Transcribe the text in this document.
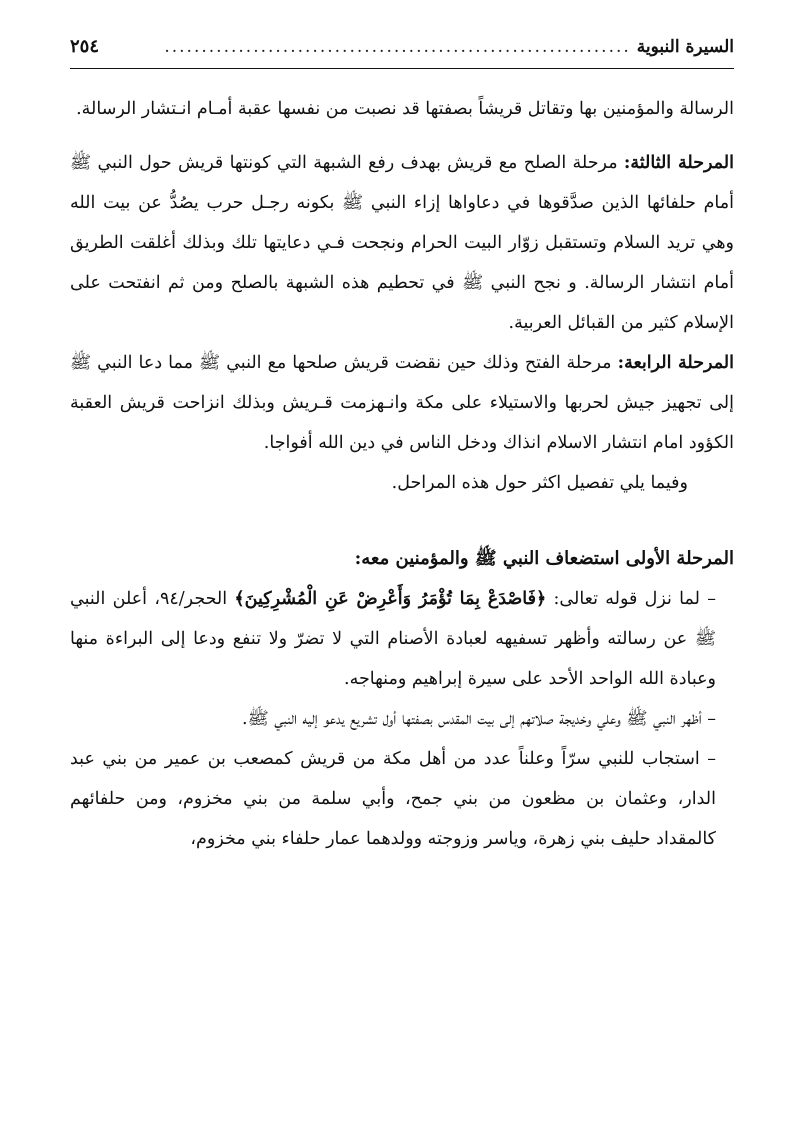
السيرة النبوية
...............................................................
٢٥٤

الرسالة والمؤمنين بها وتقاتل قريشاً بصفتها قد نصبت من نفسها عقبة أمـام انـتشار الرسالة.

المرحلة الثالثة: مرحلة الصلح مع قريش بهدف رفع الشبهة التي كونتها قريش حول النبي ﷺ أمام حلفائها الذين صدَّقوها في دعاواها إزاء النبي ﷺ بكونه رجـل حرب يصُدُّ عن بيت الله وهي تريد السلام وتستقبل زوّار البيت الحرام ونجحت فـي دعايتها تلك وبذلك أغلقت الطريق أمام انتشار الرسالة. و نجح النبي ﷺ في تحطيم هذه الشبهة بالصلح ومن ثم انفتحت على الإسلام كثير من القبائل العربية.

المرحلة الرابعة: مرحلة الفتح وذلك حين نقضت قريش صلحها مع النبي ﷺ مما دعا النبي ﷺ إلى تجهيز جيش لحربها والاستيلاء على مكة وانـهزمت قـريش وبذلك انزاحت قريش العقبة الكؤود امام انتشار الاسلام انذاك ودخل الناس في دين الله أفواجا.

وفيما يلي تفصيل اكثر حول هذه المراحل.

المرحلة الأولى استضعاف النبي ﷺ والمؤمنين معه:

– لما نزل قوله تعالى: ﴿فَاصْدَعْ بِمَا تُؤْمَرُ وَأَعْرِضْ عَنِ الْمُشْرِكِينَ﴾ الحجر/٩٤، أعلن النبي ﷺ عن رسالته وأظهر تسفيهه لعبادة الأصنام التي لا تضرّ ولا تنفع ودعا إلى البراءة منها وعبادة الله الواحد الأحد على سيرة إبراهيم ومنهاجه.

– أظهر النبي ﷺ وعلي وخديجة صلاتهم إلى بيت المقدس بصفتها أول تشريع يدعو إليه النبي ﷺ.

– استجاب للنبي سرّاً وعلناً عدد من أهل مكة من قريش كمصعب بن عمير من بني عبد الدار، وعثمان بن مظعون من بني جمح، وأبي سلمة من بني مخزوم، ومن حلفائهم كالمقداد حليف بني زهرة، وياسر وزوجته وولدهما عمار حلفاء بني مخزوم،
